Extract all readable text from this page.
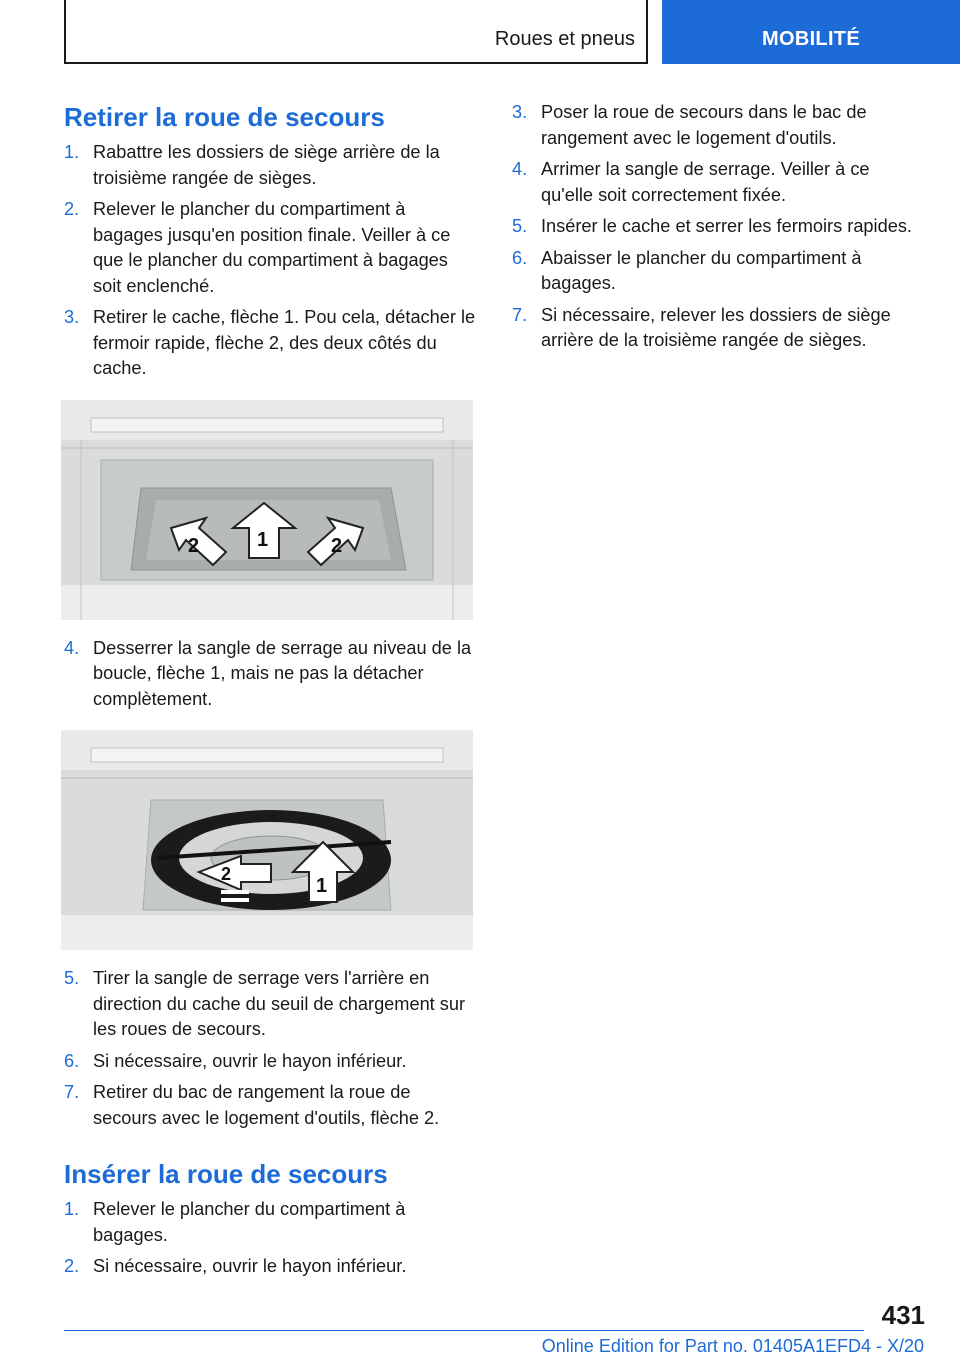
Roues et pneus	MOBILITÉ
Retirer la roue de secours
1. Rabattre les dossiers de siège arrière de la troisième rangée de sièges.
2. Relever le plancher du compartiment à bagages jusqu'en position finale. Veiller à ce que le plancher du compartiment à bagages soit enclenché.
3. Retirer le cache, flèche 1. Pou cela, détacher le fermoir rapide, flèche 2, des deux côtés du cache.
2	1	2
4. Desserrer la sangle de serrage au niveau de la boucle, flèche 1, mais ne pas la détacher complètement.
2
1
5. Tirer la sangle de serrage vers l'arrière en direction du cache du seuil de chargement sur les roues de secours.
6. Si nécessaire, ouvrir le hayon inférieur.
7. Retirer du bac de rangement la roue de secours avec le logement d'outils, flèche 2.
Insérer la roue de secours
1. Relever le plancher du compartiment à bagages.
2. Si nécessaire, ouvrir le hayon inférieur.
3. Poser la roue de secours dans le bac de rangement avec le logement d'outils.
4. Arrimer la sangle de serrage. Veiller à ce qu'elle soit correctement fixée.
5. Insérer le cache et serrer les fermoirs rapides.
6. Abaisser le plancher du compartiment à bagages.
7. Si nécessaire, relever les dossiers de siège arrière de la troisième rangée de sièges.
431
Online Edition for Part no. 01405A1EFD4 - X/20
